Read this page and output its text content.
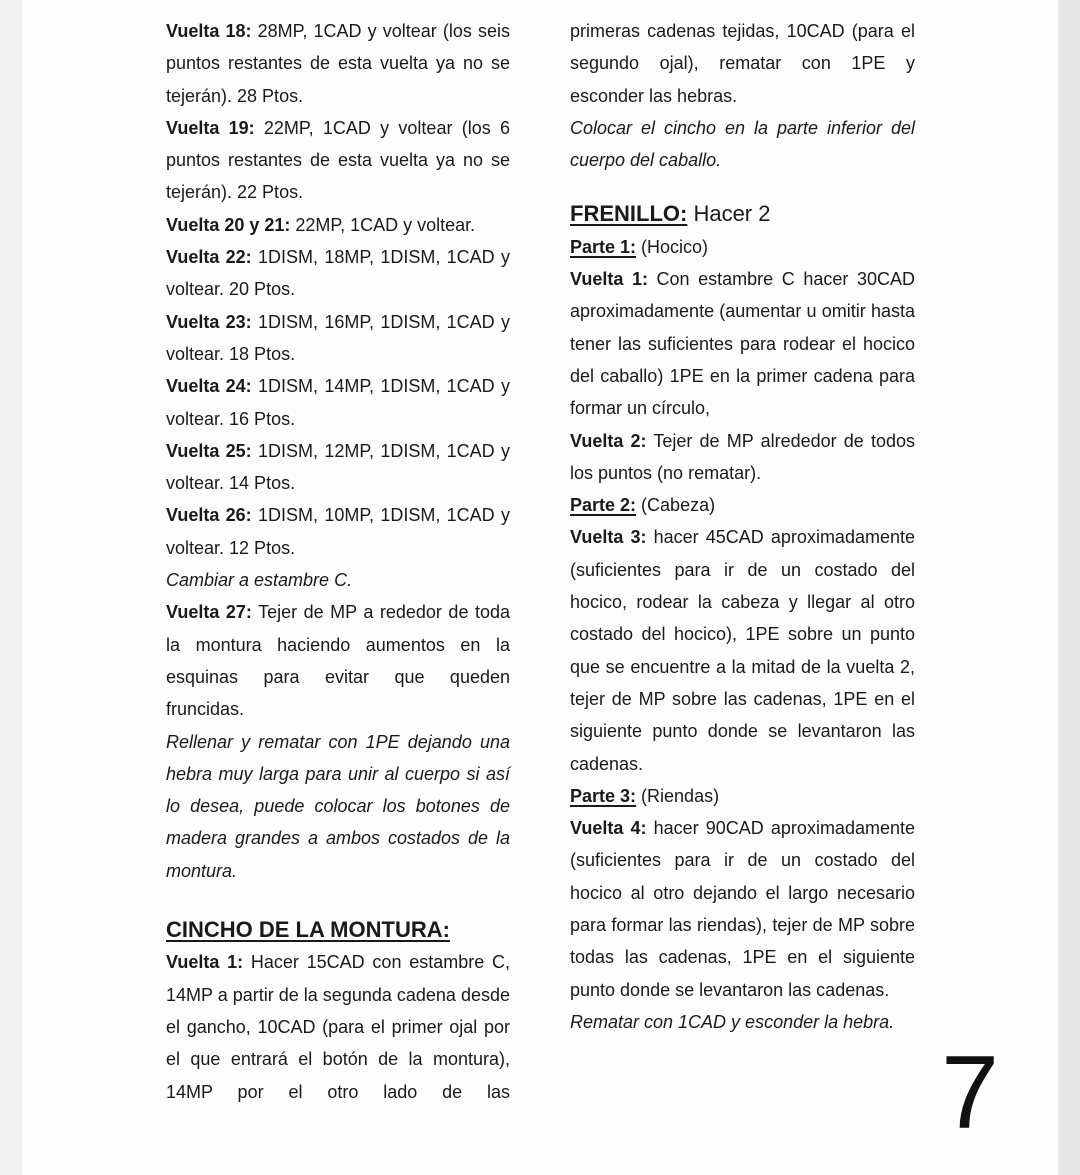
Vuelta 18: 28MP, 1CAD y voltear (los seis puntos restantes de esta vuelta ya no se tejerán). 28 Ptos.

Vuelta 19: 22MP, 1CAD y voltear (los 6 puntos restantes de esta vuelta ya no se tejerán). 22 Ptos.

Vuelta 20 y 21: 22MP, 1CAD y voltear.

Vuelta 22: 1DISM, 18MP, 1DISM, 1CAD y voltear. 20 Ptos.

Vuelta 23: 1DISM, 16MP, 1DISM, 1CAD y voltear. 18 Ptos.

Vuelta 24: 1DISM, 14MP, 1DISM, 1CAD y voltear. 16 Ptos.

Vuelta 25: 1DISM, 12MP, 1DISM, 1CAD y voltear. 14 Ptos.

Vuelta 26: 1DISM, 10MP, 1DISM, 1CAD y voltear. 12 Ptos.

Cambiar a estambre C.

Vuelta 27: Tejer de MP a rededor de toda la montura haciendo aumentos en la esquinas para evitar que queden fruncidas.

Rellenar y rematar con 1PE dejando una hebra muy larga para unir al cuerpo si así lo desea, puede colocar los botones de madera grandes a ambos costados de la montura.

CINCHO DE LA MONTURA:

Vuelta 1: Hacer 15CAD con estambre C, 14MP a partir de la segunda cadena desde el gancho, 10CAD (para el primer ojal por el que entrará el botón de la montura), 14MP por el otro lado de las

primeras cadenas tejidas, 10CAD (para el segundo ojal), rematar con 1PE y esconder las hebras.

Colocar el cincho en la parte inferior del cuerpo del caballo.

FRENILLO: Hacer 2

Parte 1: (Hocico)

Vuelta 1: Con estambre C hacer 30CAD aproximadamente (aumentar u omitir hasta tener las suficientes para rodear el hocico del caballo) 1PE en la primer cadena para formar un círculo,

Vuelta 2: Tejer de MP alrededor de todos los puntos (no rematar).

Parte 2: (Cabeza)

Vuelta 3: hacer 45CAD aproximadamente (suficientes para ir de un costado del hocico, rodear la cabeza y llegar al otro costado del hocico), 1PE sobre un punto que se encuentre a la mitad de la vuelta 2, tejer de MP sobre las cadenas, 1PE en el siguiente punto donde se levantaron las cadenas.

Parte 3: (Riendas)

Vuelta 4: hacer 90CAD aproximadamente (suficientes para ir de un costado del hocico al otro dejando el largo necesario para formar las riendas), tejer de MP sobre todas las cadenas, 1PE en el siguiente punto donde se levantaron las cadenas.

Rematar con 1CAD y esconder la hebra.

7
